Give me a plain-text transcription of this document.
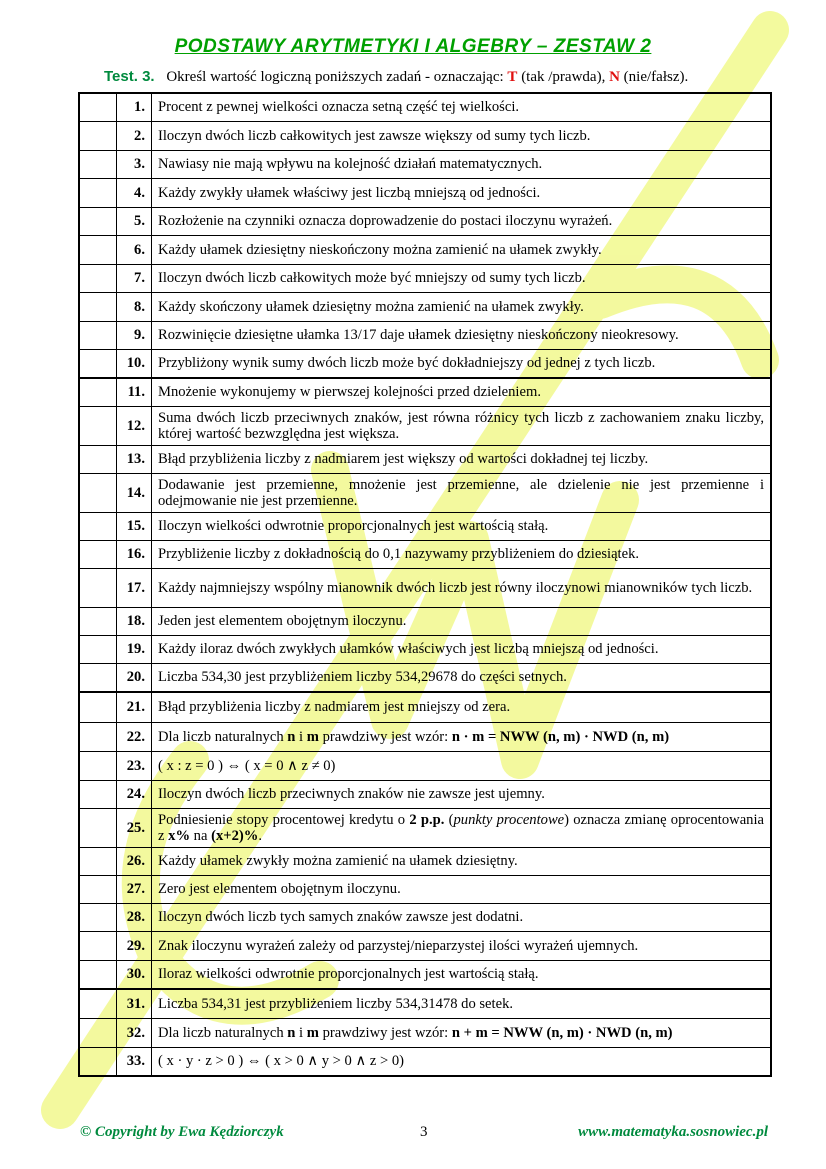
PODSTAWY ARYTMETYKI I ALGEBRY – ZESTAW 2
Test. 3. Określ wartość logiczną poniższych zadań - oznaczając: T (tak /prawda), N (nie/fałsz).
	1.	Procent z pewnej wielkości oznacza setną część tej wielkości.
	2.	Iloczyn dwóch liczb całkowitych jest zawsze większy od sumy tych liczb.
	3.	Nawiasy nie mają wpływu na kolejność działań matematycznych.
	4.	Każdy zwykły ułamek właściwy jest liczbą mniejszą od jedności.
	5.	Rozłożenie na czynniki oznacza doprowadzenie do postaci iloczynu wyrażeń.
	6.	Każdy ułamek dziesiętny nieskończony można zamienić na ułamek zwykły.
	7.	Iloczyn dwóch liczb całkowitych może być mniejszy od sumy tych liczb.
	8.	Każdy skończony ułamek dziesiętny można zamienić na ułamek zwykły.
	9.	Rozwinięcie dziesiętne ułamka 13/17 daje ułamek dziesiętny nieskończony nieokresowy.
	10.	Przybliżony wynik sumy dwóch liczb może być dokładniejszy od jednej z tych liczb.
	11.	Mnożenie wykonujemy w pierwszej kolejności przed dzieleniem.
	12.	Suma dwóch liczb przeciwnych znaków, jest równa różnicy tych liczb z zachowaniem znaku liczby, której wartość bezwzględna jest większa.
	13.	Błąd przybliżenia liczby z nadmiarem jest większy od wartości dokładnej tej liczby.
	14.	Dodawanie jest przemienne, mnożenie jest przemienne, ale dzielenie nie jest przemienne i odejmowanie nie jest przemienne.
	15.	Iloczyn wielkości odwrotnie proporcjonalnych jest wartością stałą.
	16.	Przybliżenie liczby z dokładnością do 0,1 nazywamy przybliżeniem do dziesiątek.
	17.	Każdy najmniejszy wspólny mianownik dwóch liczb jest równy iloczynowi mianowników tych liczb.
	18.	Jeden jest elementem obojętnym iloczynu.
	19.	Każdy iloraz dwóch zwykłych ułamków właściwych jest liczbą mniejszą od jedności.
	20.	Liczba 534,30 jest przybliżeniem liczby 534,29678 do części setnych.
	21.	Błąd przybliżenia liczby z nadmiarem jest mniejszy od zera.
	22.	Dla liczb naturalnych n i m prawdziwy jest wzór: n · m = NWW (n, m) · NWD (n, m)
	23.	( x : z = 0 ) ⇔ ( x = 0 ∧ z ≠ 0)
	24.	Iloczyn dwóch liczb przeciwnych znaków nie zawsze jest ujemny.
	25.	Podniesienie stopy procentowej kredytu o 2 p.p. (punkty procentowe) oznacza zmianę oprocentowania z x% na (x+2)%.
	26.	Każdy ułamek zwykły można zamienić na ułamek dziesiętny.
	27.	Zero jest elementem obojętnym iloczynu.
	28.	Iloczyn dwóch liczb tych samych znaków zawsze jest dodatni.
	29.	Znak iloczynu wyrażeń zależy od parzystej/nieparzystej ilości wyrażeń ujemnych.
	30.	Iloraz wielkości odwrotnie proporcjonalnych jest wartością stałą.
	31.	Liczba 534,31 jest przybliżeniem liczby 534,31478 do setek.
	32.	Dla liczb naturalnych n i m prawdziwy jest wzór: n + m = NWW (n, m) · NWD (n, m)
	33.	( x · y · z > 0 ) ⇔ ( x > 0 ∧ y > 0 ∧ z > 0)
© Copyright by Ewa Kędziorczyk	3	www.matematyka.sosnowiec.pl
